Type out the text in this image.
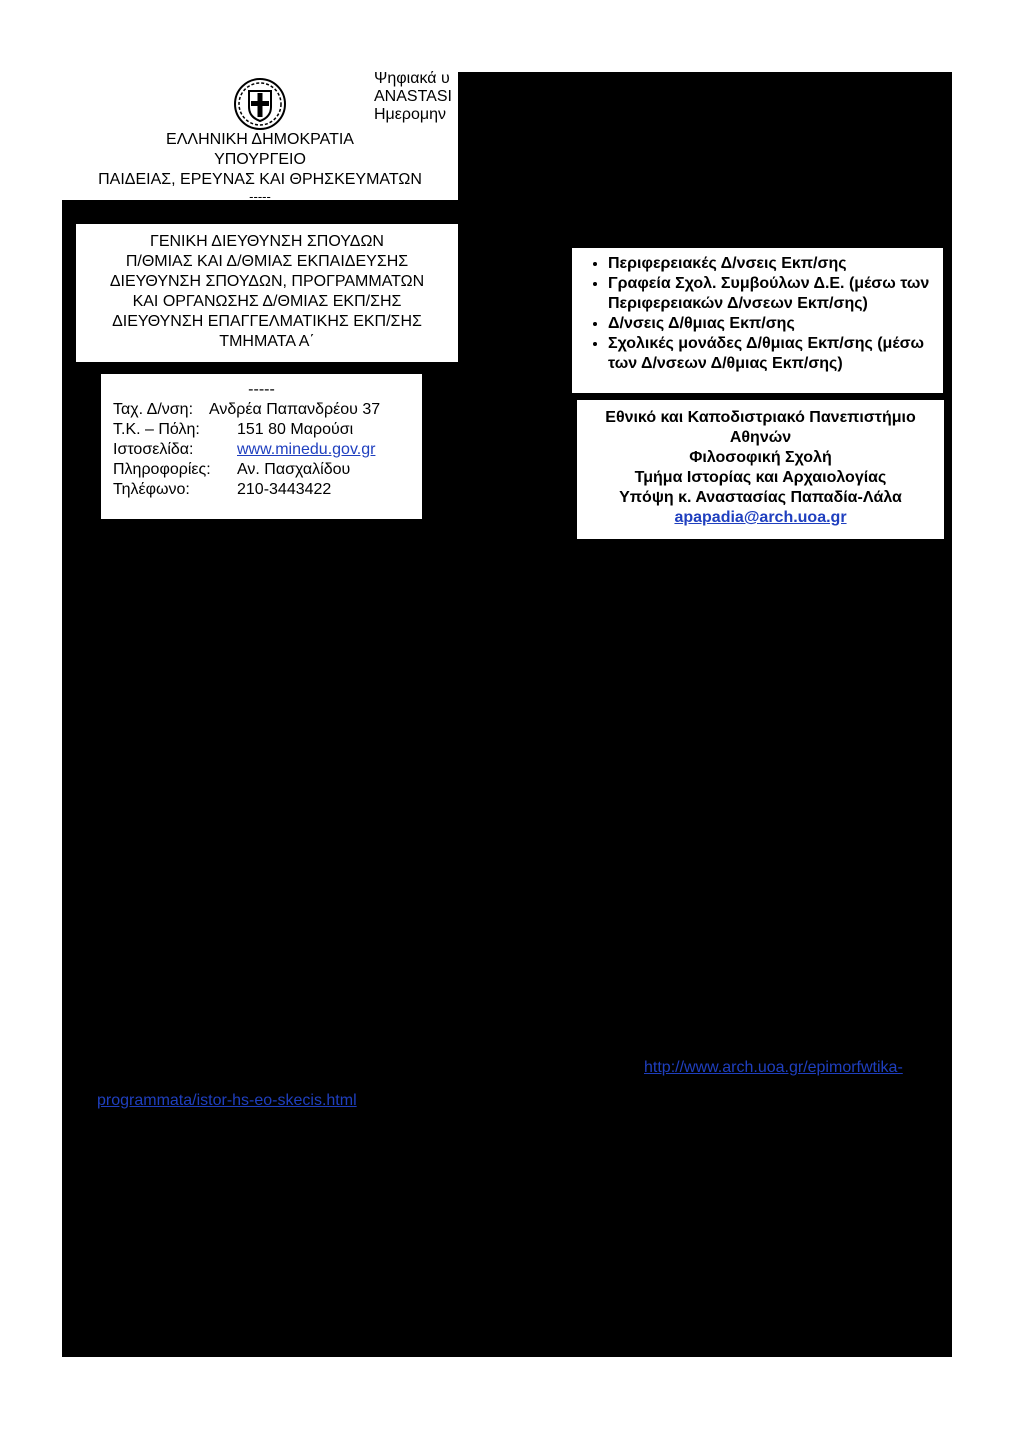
ΕΛΛΗΝΙΚΗ ΔΗΜΟΚΡΑΤΙΑ
ΥΠΟΥΡΓΕΙΟ
ΠΑΙΔΕΙΑΣ, ΕΡΕΥΝΑΣ ΚΑΙ ΘΡΗΣΚΕΥΜΑΤΩΝ
-----
Ψηφιακά υ
ANASTASI
Ημερομην
ΓΕΝΙΚΗ ΔΙΕΥΘΥΝΣΗ ΣΠΟΥΔΩΝ
Π/ΘΜΙΑΣ ΚΑΙ Δ/ΘΜΙΑΣ ΕΚΠΑΙΔΕΥΣΗΣ
ΔΙΕΥΘΥΝΣΗ ΣΠΟΥΔΩΝ, ΠΡΟΓΡΑΜΜΑΤΩΝ
ΚΑΙ ΟΡΓΑΝΩΣΗΣ Δ/ΘΜΙΑΣ ΕΚΠ/ΣΗΣ
ΔΙΕΥΘΥΝΣΗ ΕΠΑΓΓΕΛΜΑΤΙΚΗΣ ΕΚΠ/ΣΗΣ
ΤΜΗΜΑΤΑ Α΄
-----
Ταχ. Δ/νση: Ανδρέα Παπανδρέου 37
Τ.Κ. – Πόλη:	151 80 Μαρούσι
Ιστοσελίδα:	www.minedu.gov.gr
Πληροφορίες:	Αν. Πασχαλίδου
Τηλέφωνο:	210-3443422
• Περιφερειακές Δ/νσεις Εκπ/σης
• Γραφεία Σχολ. Συμβούλων Δ.Ε. (μέσω των Περιφερειακών Δ/νσεων Εκπ/σης)
• Δ/νσεις Δ/θμιας Εκπ/σης
• Σχολικές μονάδες Δ/θμιας Εκπ/σης (μέσω των Δ/νσεων Δ/θμιας Εκπ/σης)
Εθνικό και Καποδιστριακό Πανεπιστήμιο
Αθηνών
Φιλοσοφική Σχολή
Τμήμα Ιστορίας και Αρχαιολογίας
Υπόψη κ. Αναστασίας Παπαδία-Λάλα
apapadia@arch.uoa.gr
http://www.arch.uoa.gr/epimorfwtika-
programmata/istor-hs-eo-skecis.html
